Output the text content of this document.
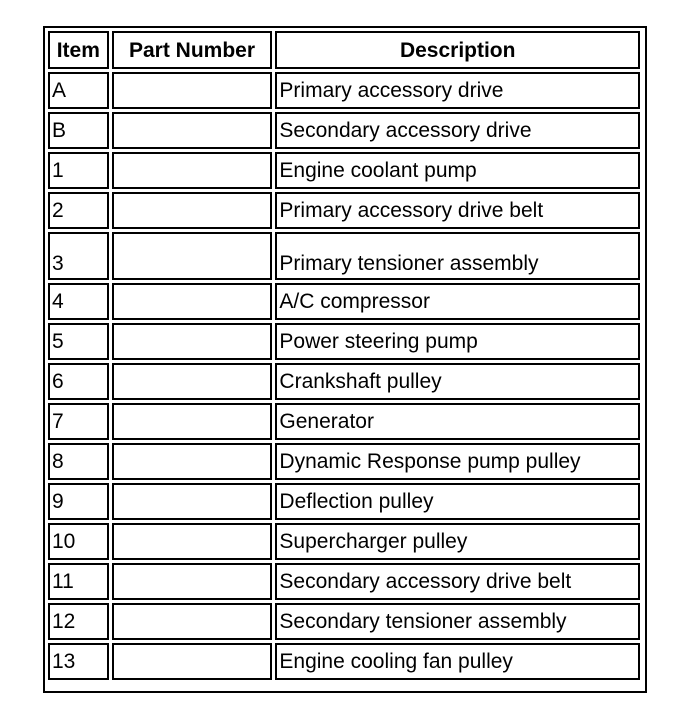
Item	Part Number	Description
A		Primary accessory drive
B		Secondary accessory drive
1		Engine coolant pump
2		Primary accessory drive belt
3		Primary tensioner assembly
4		A/C compressor
5		Power steering pump
6		Crankshaft pulley
7		Generator
8		Dynamic Response pump pulley
9		Deflection pulley
10		Supercharger pulley
11		Secondary accessory drive belt
12		Secondary tensioner assembly
13		Engine cooling fan pulley
